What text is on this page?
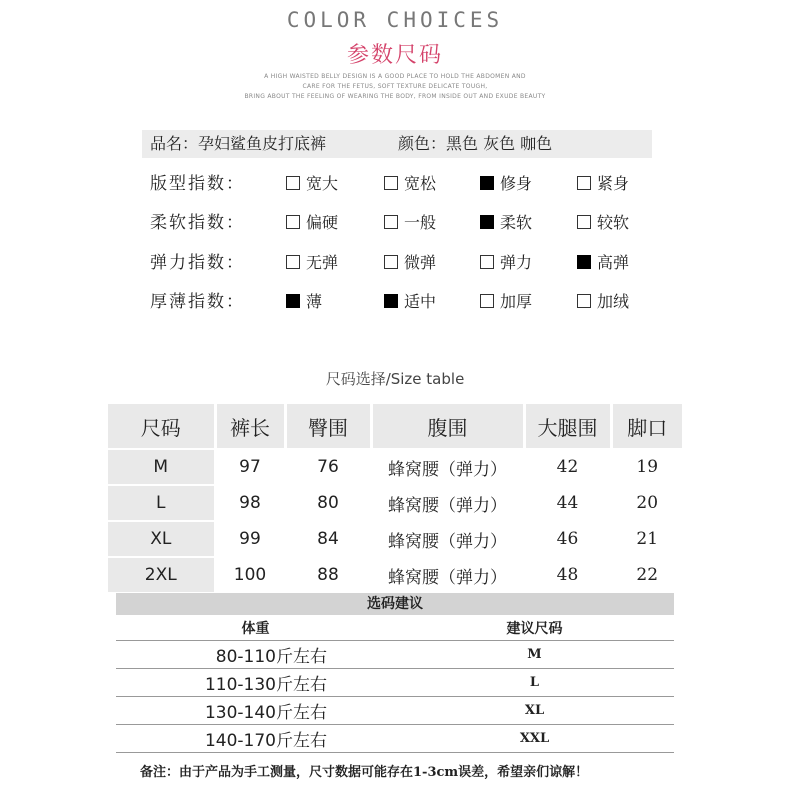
COLOR CHOICES
参数尺码
A HIGH WAISTED BELLY DESIGN IS A GOOD PLACE TO HOLD THE ABDOMEN AND
CARE FOR THE FETUS, SOFT TEXTURE DELICATE TOUGH,
BRING ABOUT THE FEELING OF WEARING THE BODY, FROM INSIDE OUT AND EXUDE BEAUTY
品名：孕妇鲨鱼皮打底裤	颜色：黑色 灰色 咖色
版型指数：	宽大	宽松	修身	紧身
柔软指数：	偏硬	一般	柔软	较软
弹力指数：	无弹	微弹	弹力	高弹
厚薄指数：	薄	适中	加厚	加绒
尺码选择/Size table
尺码	裤长	臀围	腹围	大腿围	脚口
M	97	76	蜂窝腰（弹力）	42	19
L	98	80	蜂窝腰（弹力）	44	20
XL	99	84	蜂窝腰（弹力）	46	21
2XL	100	88	蜂窝腰（弹力）	48	22
选码建议
体重	建议尺码
80-110斤左右	M
110-130斤左右	L
130-140斤左右	XL
140-170斤左右	XXL
备注：由于产品为手工测量，尺寸数据可能存在1-3cm误差，希望亲们谅解！
